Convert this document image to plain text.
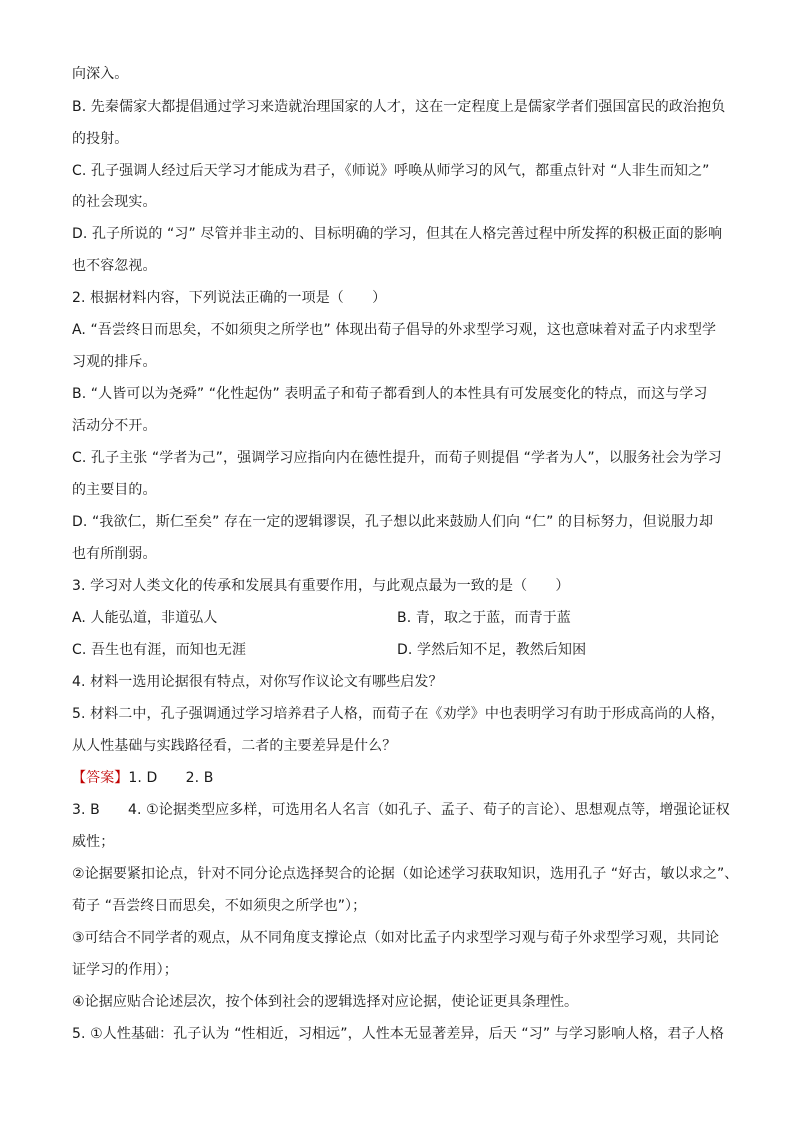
向深入。
B. 先秦儒家大都提倡通过学习来造就治理国家的人才，这在一定程度上是儒家学者们强国富民的政治抱负
的投射。
C. 孔子强调人经过后天学习才能成为君子，《师说》呼唤从师学习的风气，都重点针对 “人非生而知之”
的社会现实。
D. 孔子所说的 “习” 尽管并非主动的、目标明确的学习，但其在人格完善过程中所发挥的积极正面的影响
也不容忽视。
2. 根据材料内容，下列说法正确的一项是（　　）
A. “吾尝终日而思矣，不如须臾之所学也” 体现出荀子倡导的外求型学习观，这也意味着对孟子内求型学
习观的排斥。
B. “人皆可以为尧舜” “化性起伪” 表明孟子和荀子都看到人的本性具有可发展变化的特点，而这与学习
活动分不开。
C. 孔子主张 “学者为己”，强调学习应指向内在德性提升，而荀子则提倡 “学者为人”，以服务社会为学习
的主要目的。
D. “我欲仁，斯仁至矣” 存在一定的逻辑谬误，孔子想以此来鼓励人们向 “仁” 的目标努力，但说服力却
也有所削弱。
3. 学习对人类文化的传承和发展具有重要作用，与此观点最为一致的是（　　）
A. 人能弘道，非道弘人	B. 青，取之于蓝，而青于蓝
C. 吾生也有涯，而知也无涯	D. 学然后知不足，教然后知困
4. 材料一选用论据很有特点，对你写作议论文有哪些启发？
5. 材料二中，孔子强调通过学习培养君子人格，而荀子在《劝学》中也表明学习有助于形成高尚的人格，
从人性基础与实践路径看，二者的主要差异是什么？
【答案】1. D　　2. B
3. B　　4. ①论据类型应多样，可选用名人名言（如孔子、孟子、荀子的言论）、思想观点等，增强论证权
威性；
②论据要紧扣论点，针对不同分论点选择契合的论据（如论述学习获取知识，选用孔子 “好古，敏以求之”、
荀子 “吾尝终日而思矣，不如须臾之所学也”）；
③可结合不同学者的观点，从不同角度支撑论点（如对比孟子内求型学习观与荀子外求型学习观，共同论
证学习的作用）；
④论据应贴合论述层次，按个体到社会的逻辑选择对应论据，使论证更具条理性。
5. ①人性基础：孔子认为 “性相近，习相远”，人性本无显著差异，后天 “习” 与学习影响人格，君子人格
